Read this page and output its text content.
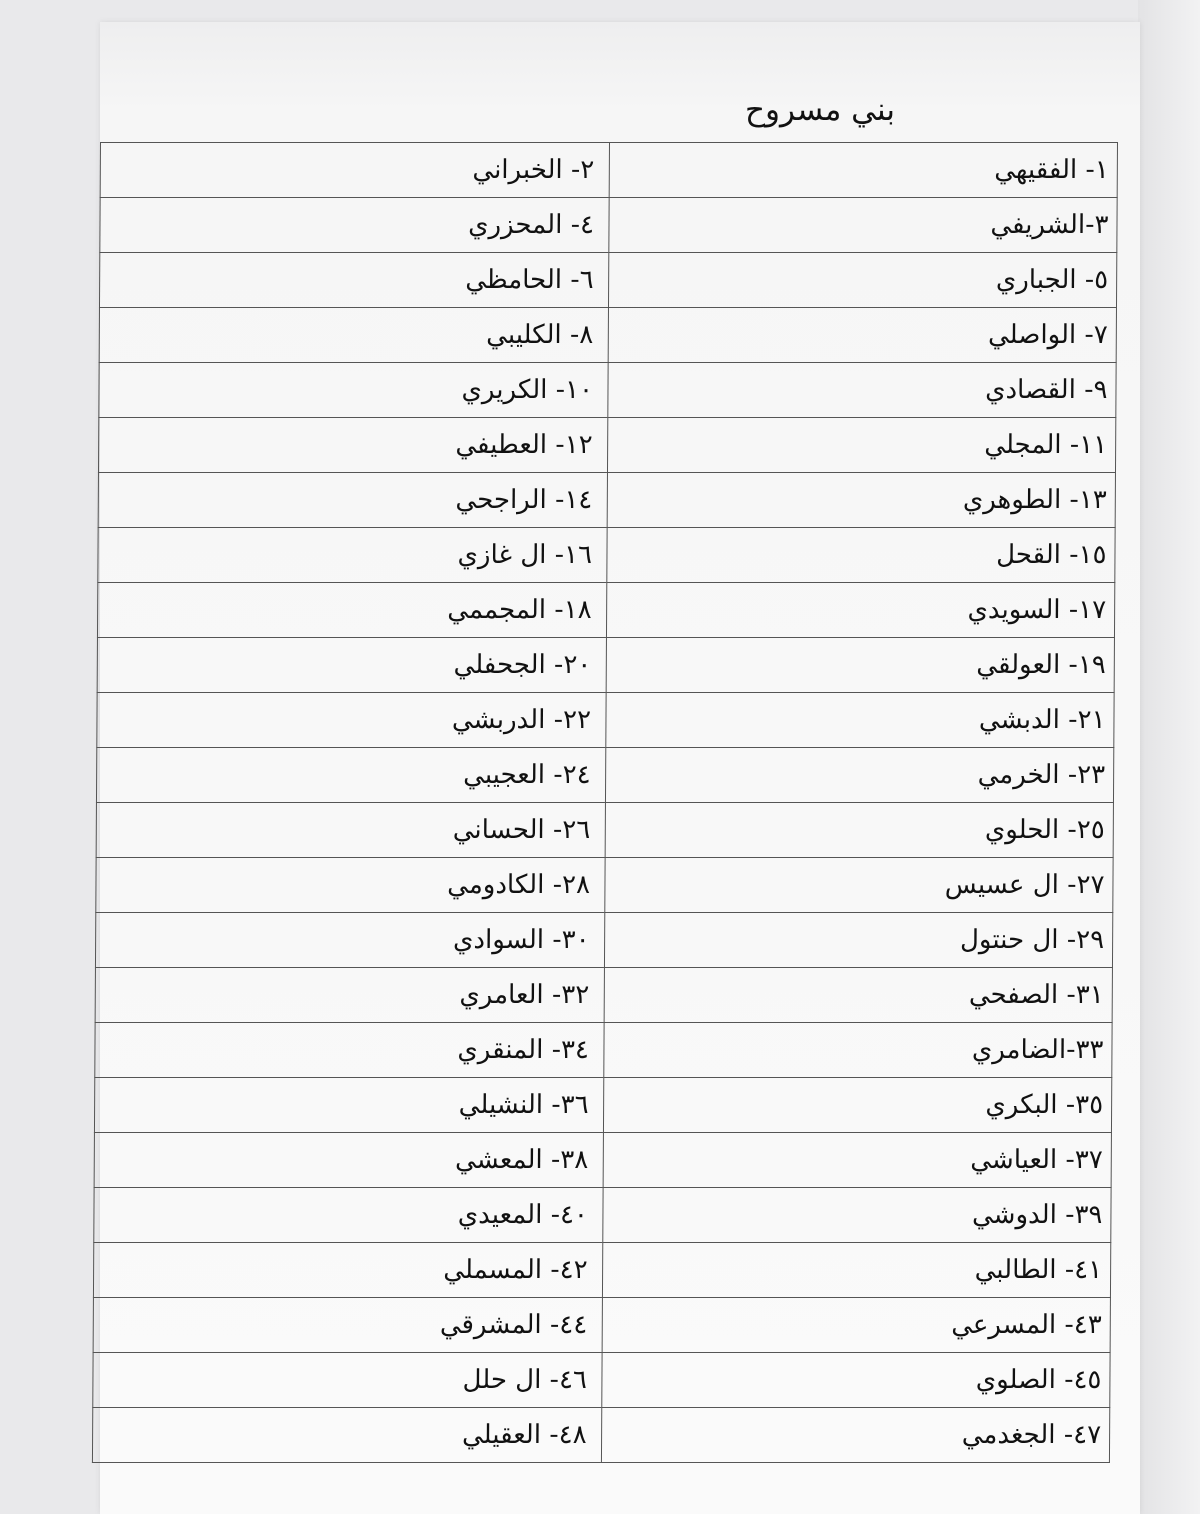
بني مسروح
١- الفقيهي	٢- الخبراني
٣-الشريفي	٤- المحزري
٥- الجباري	٦- الحامظي
٧- الواصلي	٨- الكليبي
٩- القصادي	١٠- الكريري
١١- المجلي	١٢- العطيفي
١٣- الطوهري	١٤- الراجحي
١٥- القحل	١٦- ال غازي
١٧- السويدي	١٨- المجممي
١٩- العولقي	٢٠- الجحفلي
٢١- الدبشي	٢٢- الدربشي
٢٣- الخرمي	٢٤- العجيبي
٢٥- الحلوي	٢٦- الحساني
٢٧- ال عسيس	٢٨- الكادومي
٢٩- ال حنتول	٣٠- السوادي
٣١- الصفحي	٣٢- العامري
٣٣-الضامري	٣٤- المنقري
٣٥- البكري	٣٦- النشيلي
٣٧- العياشي	٣٨- المعشي
٣٩- الدوشي	٤٠- المعيدي
٤١- الطالبي	٤٢- المسملي
٤٣- المسرعي	٤٤- المشرقي
٤٥- الصلوي	٤٦- ال حلل
٤٧- الجغدمي	٤٨- العقيلي
